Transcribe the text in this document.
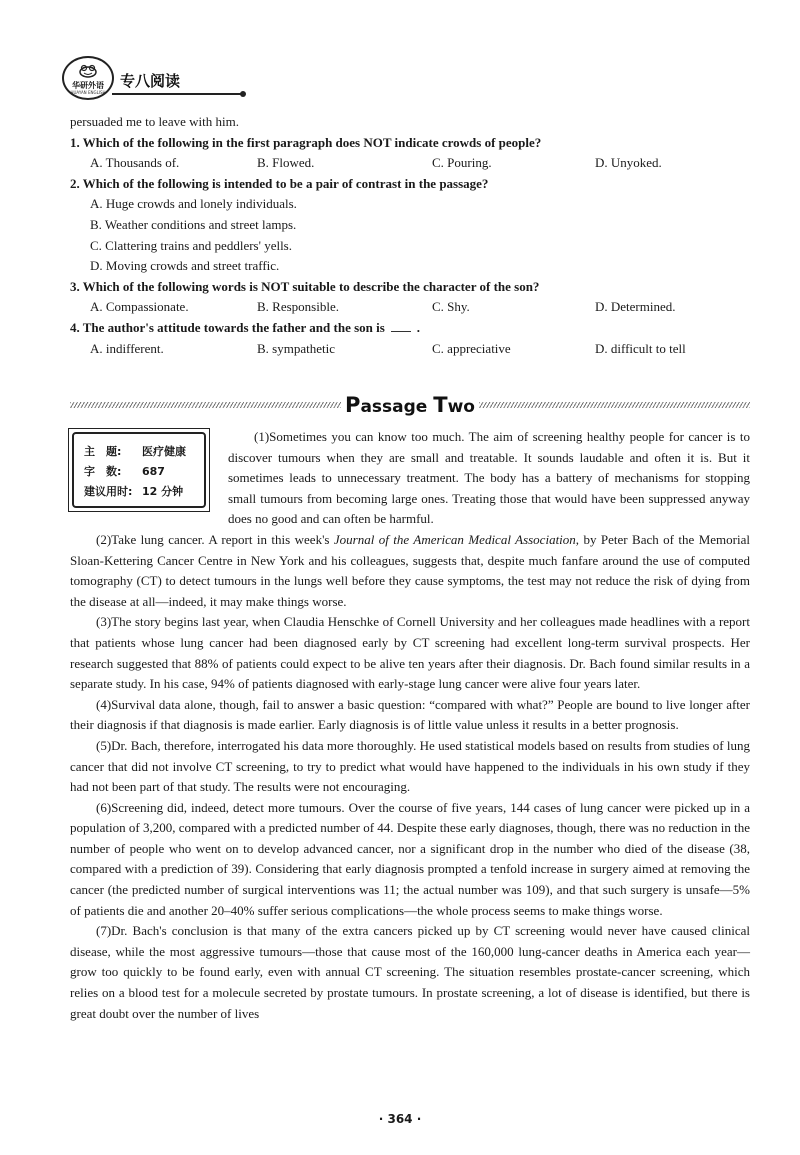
华研外语
HUAYAN ENGLISH
专八阅读
persuaded me to leave with him.
1. Which of the following in the first paragraph does NOT indicate crowds of people?
A. Thousands of.	B. Flowed.	C. Pouring.	D. Unyoked.
2. Which of the following is intended to be a pair of contrast in the passage?
A. Huge crowds and lonely individuals.
B. Weather conditions and street lamps.
C. Clattering trains and peddlers' yells.
D. Moving crowds and street traffic.
3. Which of the following words is NOT suitable to describe the character of the son?
A. Compassionate.	B. Responsible.	C. Shy.	D. Determined.
4. The author's attitude towards the father and the son is .
A. indifferent.	B. sympathetic	C. appreciative	D. difficult to tell
Passage Two
主　题: 医疗健康
字　数: 687
建议用时: 12 分钟

(1)Sometimes you can know too much. The aim of screening healthy people for cancer is to discover tumours when they are small and treatable. It sounds laudable and often it is. But it sometimes leads to unnecessary treatment. The body has a battery of mechanisms for stopping small tumours from becoming large ones. Treating those that would have been suppressed anyway does no good and can often be harmful.

(2)Take lung cancer. A report in this week's Journal of the American Medical Association, by Peter Bach of the Memorial Sloan-Kettering Cancer Centre in New York and his colleagues, suggests that, despite much fanfare around the use of computed tomography (CT) to detect tumours in the lungs well before they cause symptoms, the test may not reduce the risk of dying from the disease at all—indeed, it may make things worse.

(3)The story begins last year, when Claudia Henschke of Cornell University and her colleagues made headlines with a report that patients whose lung cancer had been diagnosed early by CT screening had excellent long-term survival prospects. Her research suggested that 88% of patients could expect to be alive ten years after their diagnosis. Dr. Bach found similar results in a separate study. In his case, 94% of patients diagnosed with early-stage lung cancer were alive four years later.

(4)Survival data alone, though, fail to answer a basic question: “compared with what?” People are bound to live longer after their diagnosis if that diagnosis is made earlier. Early diagnosis is of little value unless it results in a better prognosis.

(5)Dr. Bach, therefore, interrogated his data more thoroughly. He used statistical models based on results from studies of lung cancer that did not involve CT screening, to try to predict what would have happened to the individuals in his own study if they had not been part of that study. The results were not encouraging.

(6)Screening did, indeed, detect more tumours. Over the course of five years, 144 cases of lung cancer were picked up in a population of 3,200, compared with a predicted number of 44. Despite these early diagnoses, though, there was no reduction in the number of people who went on to develop advanced cancer, nor a significant drop in the number who died of the disease (38, compared with a prediction of 39). Considering that early diagnosis prompted a tenfold increase in surgery aimed at removing the cancer (the predicted number of surgical interventions was 11; the actual number was 109), and that such surgery is unsafe—5% of patients die and another 20–40% suffer serious complications—the whole process seems to make things worse.

(7)Dr. Bach's conclusion is that many of the extra cancers picked up by CT screening would never have caused clinical disease, while the most aggressive tumours—those that cause most of the 160,000 lung-cancer deaths in America each year—grow too quickly to be found early, even with annual CT screening. The situation resembles prostate-cancer screening, which relies on a blood test for a molecule secreted by prostate tumours. In prostate screening, a lot of disease is identified, but there is great doubt over the number of lives

· 364 ·
